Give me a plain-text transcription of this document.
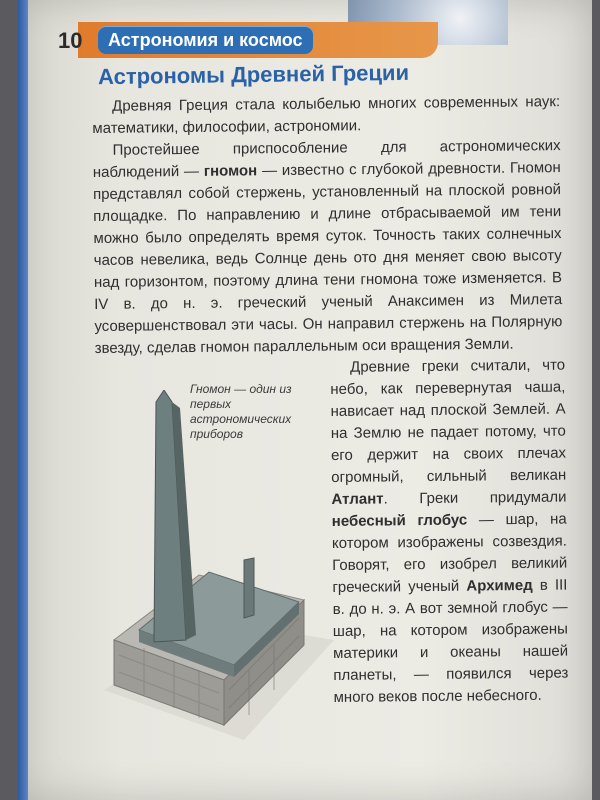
10	Астрономия и космос
Астрономы Древней Греции

Древняя Греция стала колыбелью многих современных наук: математики, философии, астрономии.

Простейшее приспособление для астрономических наблюдений — гномон — известно с глубокой древности. Гномон представлял собой стержень, установленный на плоской ровной площадке. По направлению и длине отбрасываемой им тени можно было определять время суток. Точность таких солнечных часов невелика, ведь Солнце день ото дня меняет свою высоту над горизонтом, поэтому длина тени гномона тоже изменяется. В IV в. до н. э. греческий ученый Анаксимен из Милета усовершенствовал эти часы. Он направил стержень на Полярную звезду, сделав гномон параллельным оси вращения Земли.

Гномон — один из первых астрономических приборов

Древние греки считали, что небо, как перевернутая чаша, нависает над плоской Землей. А на Землю не падает потому, что его держит на своих плечах огромный, сильный великан Атлант. Греки придумали небесный глобус — шар, на котором изображены созвездия. Говорят, его изобрел великий греческий ученый Архимед в III в. до н. э. А вот земной глобус — шар, на котором изображены материки и океаны нашей планеты, — появился через много веков после небесного.
